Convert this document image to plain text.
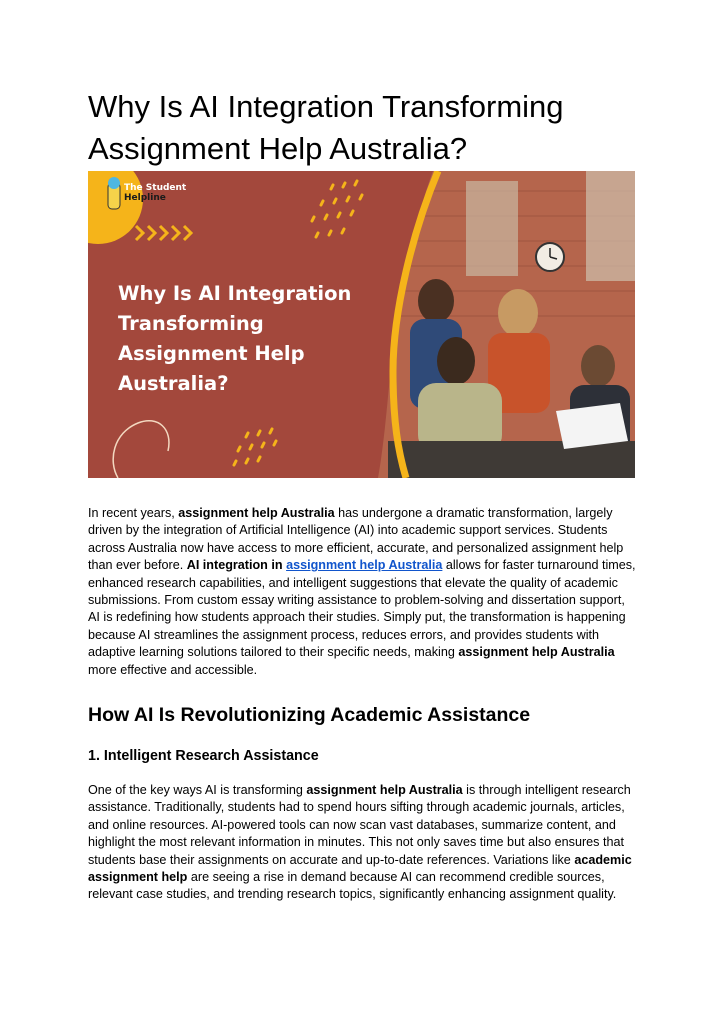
Why Is AI Integration Transforming Assignment Help Australia?
The Student
Helpline
Why Is AI Integration Transforming Assignment Help Australia?

In recent years, assignment help Australia has undergone a dramatic transformation, largely driven by the integration of Artificial Intelligence (AI) into academic support services. Students across Australia now have access to more efficient, accurate, and personalized assignment help than ever before. AI integration in assignment help Australia allows for faster turnaround times, enhanced research capabilities, and intelligent suggestions that elevate the quality of academic submissions. From custom essay writing assistance to problem-solving and dissertation support, AI is redefining how students approach their studies. Simply put, the transformation is happening because AI streamlines the assignment process, reduces errors, and provides students with adaptive learning solutions tailored to their specific needs, making assignment help Australia more effective and accessible.

How AI Is Revolutionizing Academic Assistance
1. Intelligent Research Assistance

One of the key ways AI is transforming assignment help Australia is through intelligent research assistance. Traditionally, students had to spend hours sifting through academic journals, articles, and online resources. AI-powered tools can now scan vast databases, summarize content, and highlight the most relevant information in minutes. This not only saves time but also ensures that students base their assignments on accurate and up-to-date references. Variations like academic assignment help are seeing a rise in demand because AI can recommend credible sources, relevant case studies, and trending research topics, significantly enhancing assignment quality.
